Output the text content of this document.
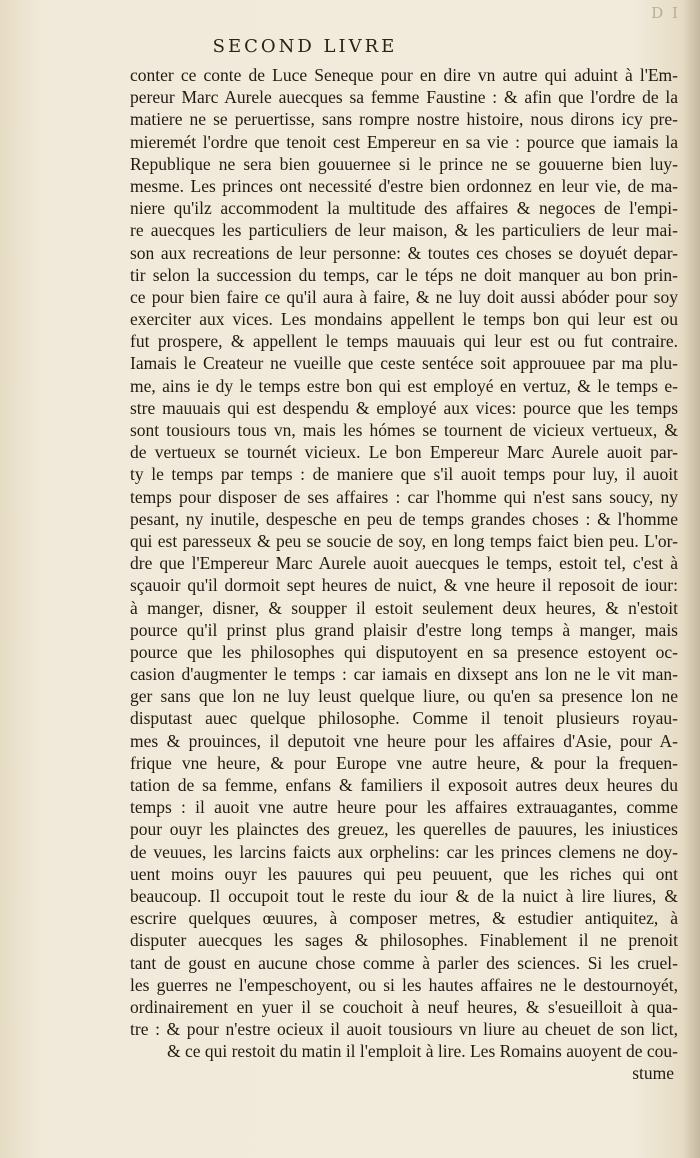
D I
SECOND LIVRE
conter ce conte de Luce Seneque pour en dire vn autre qui aduint à l'Em-
pereur Marc Aurele auecques sa femme Faustine : & afin que l'ordre de la
matiere ne se peruertisse, sans rompre nostre histoire, nous dirons icy pre-
mieremét l'ordre que tenoit cest Empereur en sa vie : pource que iamais la
Republique ne sera bien gouuernee si le prince ne se gouuerne bien luy-
mesme. Les princes ont necessité d'estre bien ordonnez en leur vie, de ma-
niere qu'ilz accommodent la multitude des affaires & negoces de l'empi-
re auecques les particuliers de leur maison, & les particuliers de leur mai-
son aux recreations de leur personne: & toutes ces choses se doyuét depar-
tir selon la succession du temps, car le téps ne doit manquer au bon prin-
ce pour bien faire ce qu'il aura à faire, & ne luy doit aussi abóder pour soy
exerciter aux vices. Les mondains appellent le temps bon qui leur est ou
fut prospere, & appellent le temps mauuais qui leur est ou fut contraire.
Iamais le Createur ne vueille que ceste sentéce soit approuuee par ma plu-
me, ains ie dy le temps estre bon qui est employé en vertuz, & le temps e-
stre mauuais qui est despendu & employé aux vices: pource que les temps
sont tousiours tous vn, mais les hómes se tournent de vicieux vertueux, &
de vertueux se tournét vicieux. Le bon Empereur Marc Aurele auoit par-
ty le temps par temps : de maniere que s'il auoit temps pour luy, il auoit
temps pour disposer de ses affaires : car l'homme qui n'est sans soucy, ny
pesant, ny inutile, despesche en peu de temps grandes choses : & l'homme
qui est paresseux & peu se soucie de soy, en long temps faict bien peu. L'or-
dre que l'Empereur Marc Aurele auoit auecques le temps, estoit tel, c'est à
sçauoir qu'il dormoit sept heures de nuict, & vne heure il reposoit de iour:
à manger, disner, & soupper il estoit seulement deux heures, & n'estoit
pource qu'il prinst plus grand plaisir d'estre long temps à manger, mais
pource que les philosophes qui disputoyent en sa presence estoyent oc-
casion d'augmenter le temps : car iamais en dixsept ans lon ne le vit man-
ger sans que lon ne luy leust quelque liure, ou qu'en sa presence lon ne
disputast auec quelque philosophe. Comme il tenoit plusieurs royau-
mes & prouinces, il deputoit vne heure pour les affaires d'Asie, pour A-
frique vne heure, & pour Europe vne autre heure, & pour la frequen-
tation de sa femme, enfans & familiers il exposoit autres deux heures du
temps : il auoit vne autre heure pour les affaires extrauagantes, comme
pour ouyr les plainctes des greuez, les querelles de pauures, les iniustices
de veuues, les larcins faicts aux orphelins: car les princes clemens ne doy-
uent moins ouyr les pauures qui peu peuuent, que les riches qui ont
beaucoup. Il occupoit tout le reste du iour & de la nuict à lire liures, &
escrire quelques œuures, à composer metres, & estudier antiquitez, à
disputer auecques les sages & philosophes. Finablement il ne prenoit
tant de goust en aucune chose comme à parler des sciences. Si les cruel-
les guerres ne l'empeschoyent, ou si les hautes affaires ne le destournoyét,
ordinairement en yuer il se couchoit à neuf heures, & s'esueilloit à qua-
tre : & pour n'estre ocieux il auoit tousiours vn liure au cheuet de son lict,
& ce qui restoit du matin il l'emploit à lire. Les Romains auoyent de cou-
stume
